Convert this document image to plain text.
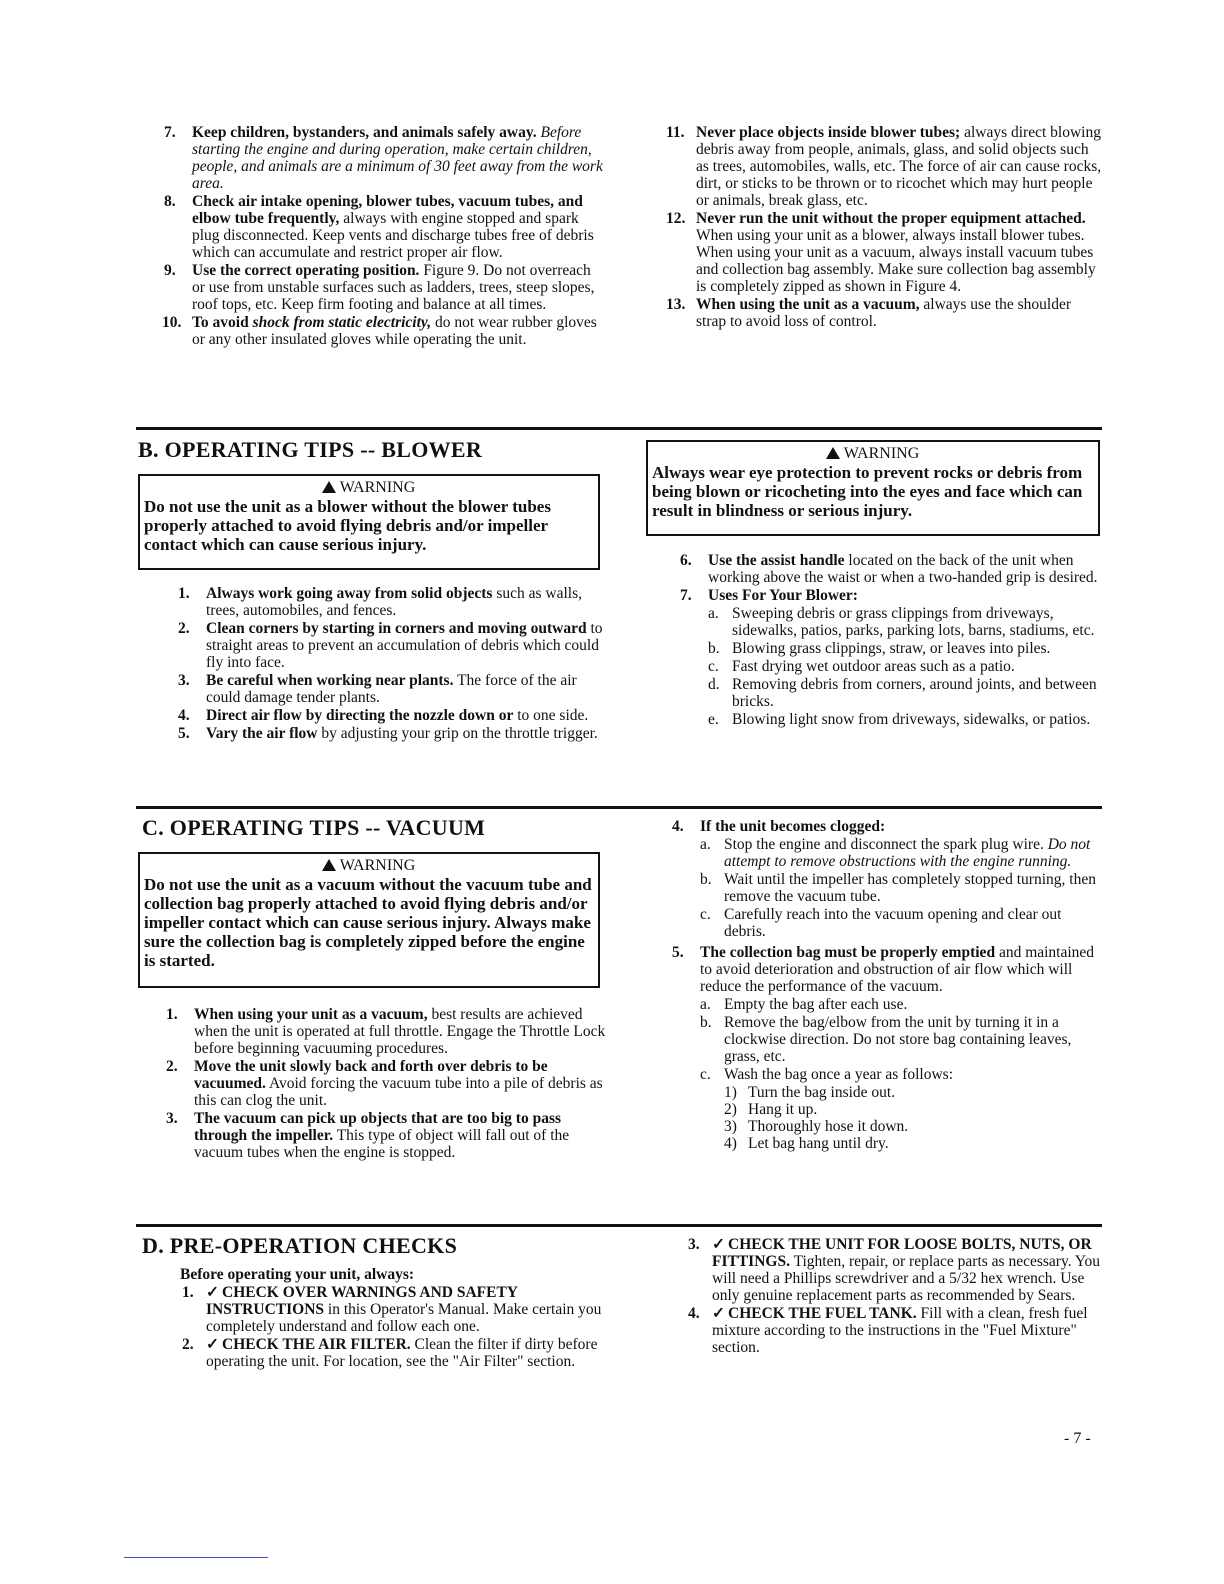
7. Keep children, bystanders, and animals safely away. Before starting the engine and during operation, make certain children, people, and animals are a minimum of 30 feet away from the work area.
8. Check air intake opening, blower tubes, vacuum tubes, and elbow tube frequently, always with engine stopped and spark plug disconnected. Keep vents and discharge tubes free of debris which can accumulate and restrict proper air flow.
9. Use the correct operating position. Figure 9. Do not overreach or use from unstable surfaces such as ladders, trees, steep slopes, roof tops, etc. Keep firm footing and balance at all times.
10. To avoid shock from static electricity, do not wear rubber gloves or any other insulated gloves while operating the unit.
11. Never place objects inside blower tubes; always direct blowing debris away from people, animals, glass, and solid objects such as trees, automobiles, walls, etc. The force of air can cause rocks, dirt, or sticks to be thrown or to ricochet which may hurt people or animals, break glass, etc.
12. Never run the unit without the proper equipment attached. When using your unit as a blower, always install blower tubes. When using your unit as a vacuum, always install vacuum tubes and collection bag assembly. Make sure collection bag assembly is completely zipped as shown in Figure 4.
13. When using the unit as a vacuum, always use the shoulder strap to avoid loss of control.
B. OPERATING TIPS -- BLOWER
WARNING
Do not use the unit as a blower without the blower tubes properly attached to avoid flying debris and/or impeller contact which can cause serious injury.
1. Always work going away from solid objects such as walls, trees, automobiles, and fences.
2. Clean corners by starting in corners and moving outward to straight areas to prevent an accumulation of debris which could fly into face.
3. Be careful when working near plants. The force of the air could damage tender plants.
4. Direct air flow by directing the nozzle down or to one side.
5. Vary the air flow by adjusting your grip on the throttle trigger.
WARNING
Always wear eye protection to prevent rocks or debris from being blown or ricocheting into the eyes and face which can result in blindness or serious injury.
6. Use the assist handle located on the back of the unit when working above the waist or when a two-handed grip is desired.
7. Uses For Your Blower:
a. Sweeping debris or grass clippings from driveways, sidewalks, patios, parks, parking lots, barns, stadiums, etc.
b. Blowing grass clippings, straw, or leaves into piles.
c. Fast drying wet outdoor areas such as a patio.
d. Removing debris from corners, around joints, and between bricks.
e. Blowing light snow from driveways, sidewalks, or patios.
C. OPERATING TIPS -- VACUUM
WARNING
Do not use the unit as a vacuum without the vacuum tube and collection bag properly attached to avoid flying debris and/or impeller contact which can cause serious injury. Always make sure the collection bag is completely zipped before the engine is started.
1. When using your unit as a vacuum, best results are achieved when the unit is operated at full throttle. Engage the Throttle Lock before beginning vacuuming procedures.
2. Move the unit slowly back and forth over debris to be vacuumed. Avoid forcing the vacuum tube into a pile of debris as this can clog the unit.
3. The vacuum can pick up objects that are too big to pass through the impeller. This type of object will fall out of the vacuum tubes when the engine is stopped.
4. If the unit becomes clogged:
a. Stop the engine and disconnect the spark plug wire. Do not attempt to remove obstructions with the engine running.
b. Wait until the impeller has completely stopped turning, then remove the vacuum tube.
c. Carefully reach into the vacuum opening and clear out debris.
5. The collection bag must be properly emptied and maintained to avoid deterioration and obstruction of air flow which will reduce the performance of the vacuum.
a. Empty the bag after each use.
b. Remove the bag/elbow from the unit by turning it in a clockwise direction. Do not store bag containing leaves, grass, etc.
c. Wash the bag once a year as follows:
1) Turn the bag inside out.
2) Hang it up.
3) Thoroughly hose it down.
4) Let bag hang until dry.
D. PRE-OPERATION CHECKS
Before operating your unit, always:
1. ✓ CHECK OVER WARNINGS AND SAFETY INSTRUCTIONS in this Operator's Manual. Make certain you completely understand and follow each one.
2. ✓ CHECK THE AIR FILTER. Clean the filter if dirty before operating the unit. For location, see the "Air Filter" section.
3. ✓ CHECK THE UNIT FOR LOOSE BOLTS, NUTS, OR FITTINGS. Tighten, repair, or replace parts as necessary. You will need a Phillips screwdriver and a 5/32 hex wrench. Use only genuine replacement parts as recommended by Sears.
4. ✓ CHECK THE FUEL TANK. Fill with a clean, fresh fuel mixture according to the instructions in the "Fuel Mixture" section.
- 7 -
